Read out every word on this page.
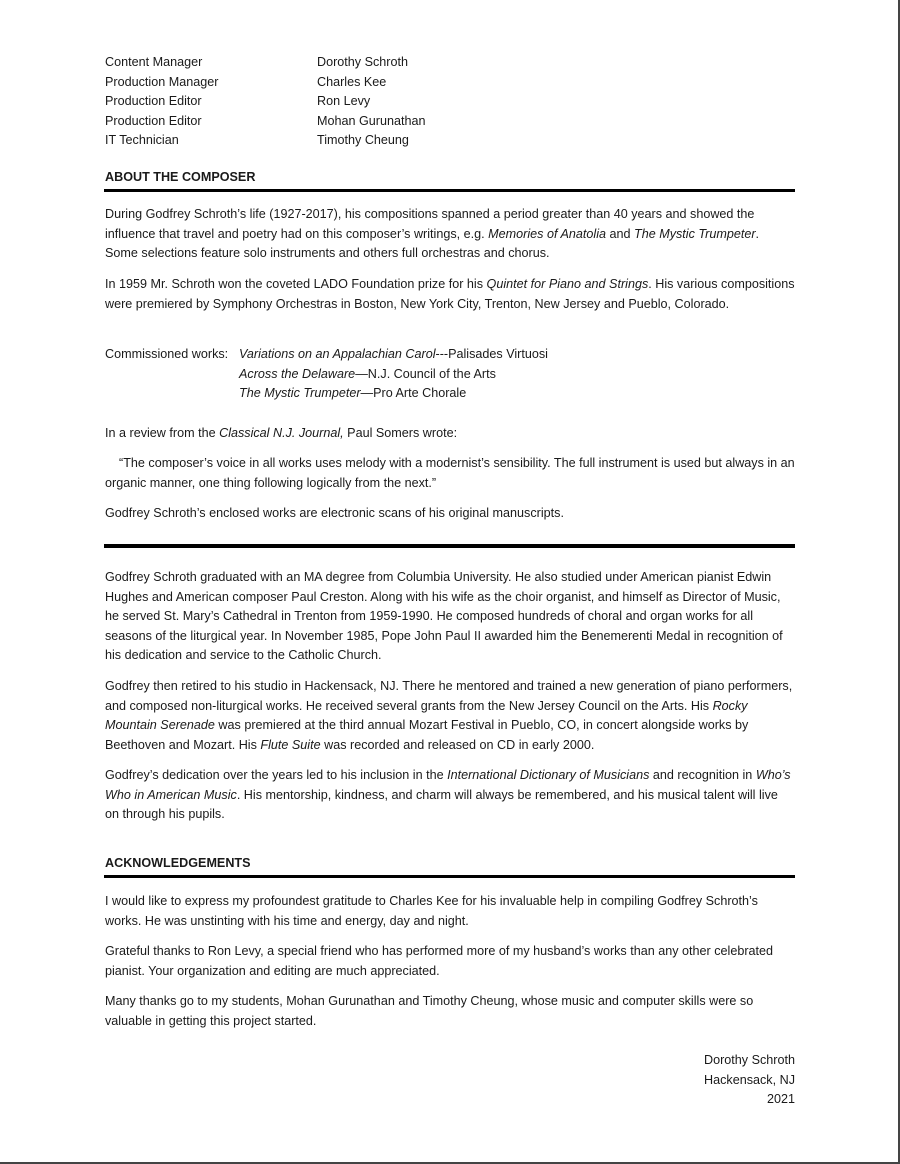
Content Manager	Dorothy Schroth
Production Manager	Charles Kee
Production Editor	Ron Levy
Production Editor	Mohan Gurunathan
IT Technician	Timothy Cheung
ABOUT THE COMPOSER

During Godfrey Schroth’s life (1927-2017), his compositions spanned a period greater than 40 years and showed the influence that travel and poetry had on this composer’s writings, e.g. Memories of Anatolia and The Mystic Trumpeter. Some selections feature solo instruments and others full orchestras and chorus.

In 1959 Mr. Schroth won the coveted LADO Foundation prize for his Quintet for Piano and Strings. His various compositions were premiered by Symphony Orchestras in Boston, New York City, Trenton, New Jersey and Pueblo, Colorado.

Commissioned works:Variations on an Appalachian Carol---Palisades Virtuosi
Across the Delaware—N.J. Council of the Arts
The Mystic Trumpeter—Pro Arte Chorale

In a review from the Classical N.J. Journal, Paul Somers wrote:

“The composer’s voice in all works uses melody with a modernist’s sensibility. The full instrument is used but always in an organic manner, one thing following logically from the next.”

Godfrey Schroth’s enclosed works are electronic scans of his original manuscripts.

Godfrey Schroth graduated with an MA degree from Columbia University. He also studied under American pianist Edwin Hughes and American composer Paul Creston. Along with his wife as the choir organist, and himself as Director of Music, he served St. Mary’s Cathedral in Trenton from 1959-1990. He composed hundreds of choral and organ works for all seasons of the liturgical year. In November 1985, Pope John Paul II awarded him the Benemerenti Medal in recognition of his dedication and service to the Catholic Church.

Godfrey then retired to his studio in Hackensack, NJ. There he mentored and trained a new generation of piano performers, and composed non-liturgical works. He received several grants from the New Jersey Council on the Arts. His Rocky Mountain Serenade was premiered at the third annual Mozart Festival in Pueblo, CO, in concert alongside works by Beethoven and Mozart. His Flute Suite was recorded and released on CD in early 2000.

Godfrey’s dedication over the years led to his inclusion in the International Dictionary of Musicians and recognition in Who’s Who in American Music. His mentorship, kindness, and charm will always be remembered, and his musical talent will live on through his pupils.

ACKNOWLEDGEMENTS

I would like to express my profoundest gratitude to Charles Kee for his invaluable help in compiling Godfrey Schroth’s works. He was unstinting with his time and energy, day and night.

Grateful thanks to Ron Levy, a special friend who has performed more of my husband’s works than any other celebrated pianist. Your organization and editing are much appreciated.

Many thanks go to my students, Mohan Gurunathan and Timothy Cheung, whose music and computer skills were so valuable in getting this project started.

Dorothy Schroth
Hackensack, NJ
2021
